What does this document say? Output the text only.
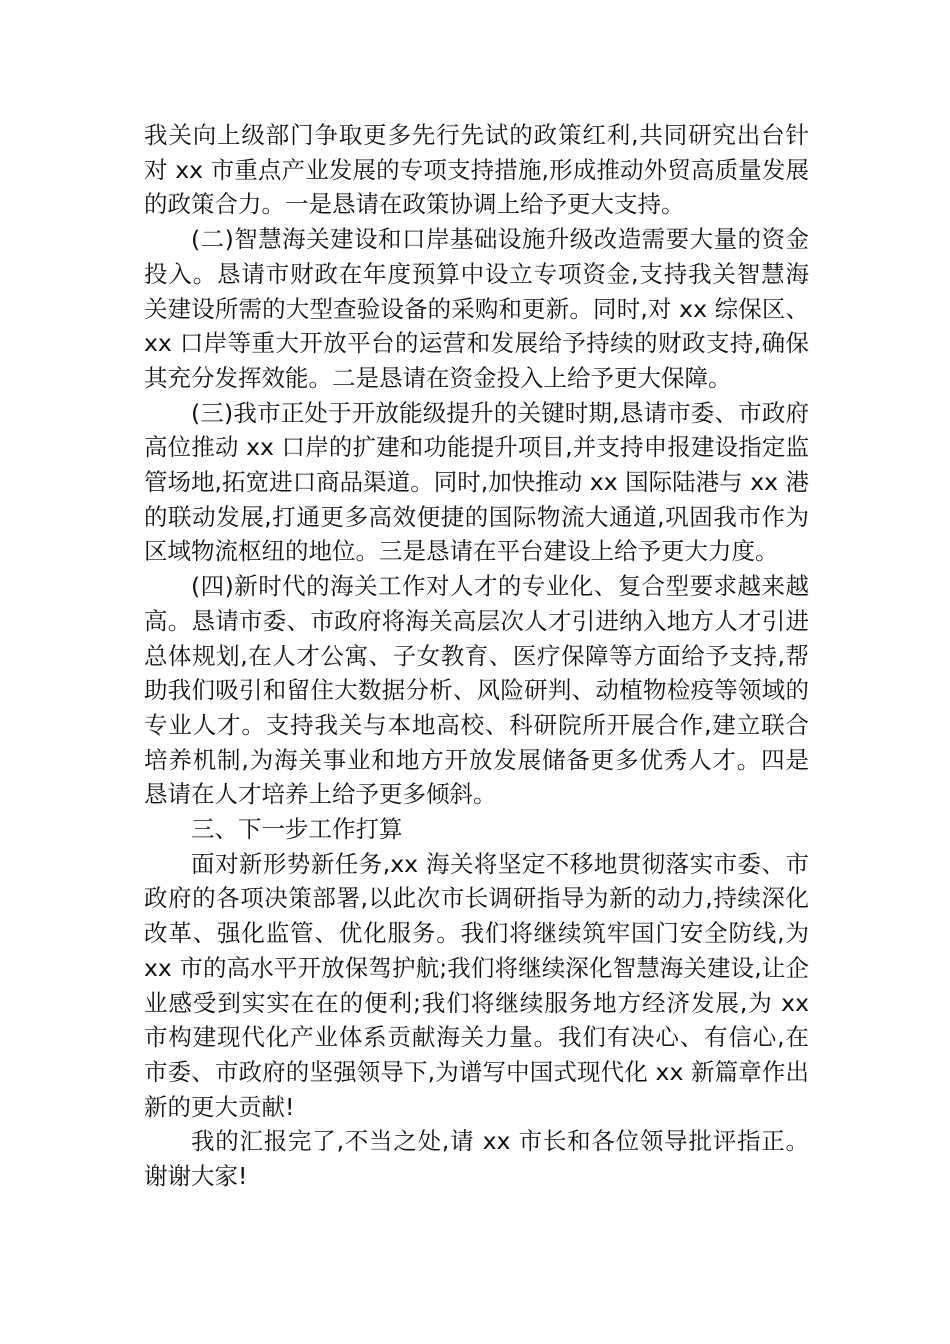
我关向上级部门争取更多先行先试的政策红利,共同研究出台针对 xx 市重点产业发展的专项支持措施,形成推动外贸高质量发展的政策合力。一是恳请在政策协调上给予更大支持。

(二)智慧海关建设和口岸基础设施升级改造需要大量的资金投入。恳请市财政在年度预算中设立专项资金,支持我关智慧海关建设所需的大型查验设备的采购和更新。同时,对 xx 综保区、xx 口岸等重大开放平台的运营和发展给予持续的财政支持,确保其充分发挥效能。二是恳请在资金投入上给予更大保障。

(三)我市正处于开放能级提升的关键时期,恳请市委、市政府高位推动 xx 口岸的扩建和功能提升项目,并支持申报建设指定监管场地,拓宽进口商品渠道。同时,加快推动 xx 国际陆港与 xx 港的联动发展,打通更多高效便捷的国际物流大通道,巩固我市作为区域物流枢纽的地位。三是恳请在平台建设上给予更大力度。

(四)新时代的海关工作对人才的专业化、复合型要求越来越高。恳请市委、市政府将海关高层次人才引进纳入地方人才引进总体规划,在人才公寓、子女教育、医疗保障等方面给予支持,帮助我们吸引和留住大数据分析、风险研判、动植物检疫等领域的专业人才。支持我关与本地高校、科研院所开展合作,建立联合培养机制,为海关事业和地方开放发展储备更多优秀人才。四是恳请在人才培养上给予更多倾斜。

三、下一步工作打算

面对新形势新任务,xx 海关将坚定不移地贯彻落实市委、市政府的各项决策部署,以此次市长调研指导为新的动力,持续深化改革、强化监管、优化服务。我们将继续筑牢国门安全防线,为 xx 市的高水平开放保驾护航;我们将继续深化智慧海关建设,让企业感受到实实在在的便利;我们将继续服务地方经济发展,为 xx 市构建现代化产业体系贡献海关力量。我们有决心、有信心,在市委、市政府的坚强领导下,为谱写中国式现代化 xx 新篇章作出新的更大贡献!

我的汇报完了,不当之处,请 xx 市长和各位领导批评指正。谢谢大家!
